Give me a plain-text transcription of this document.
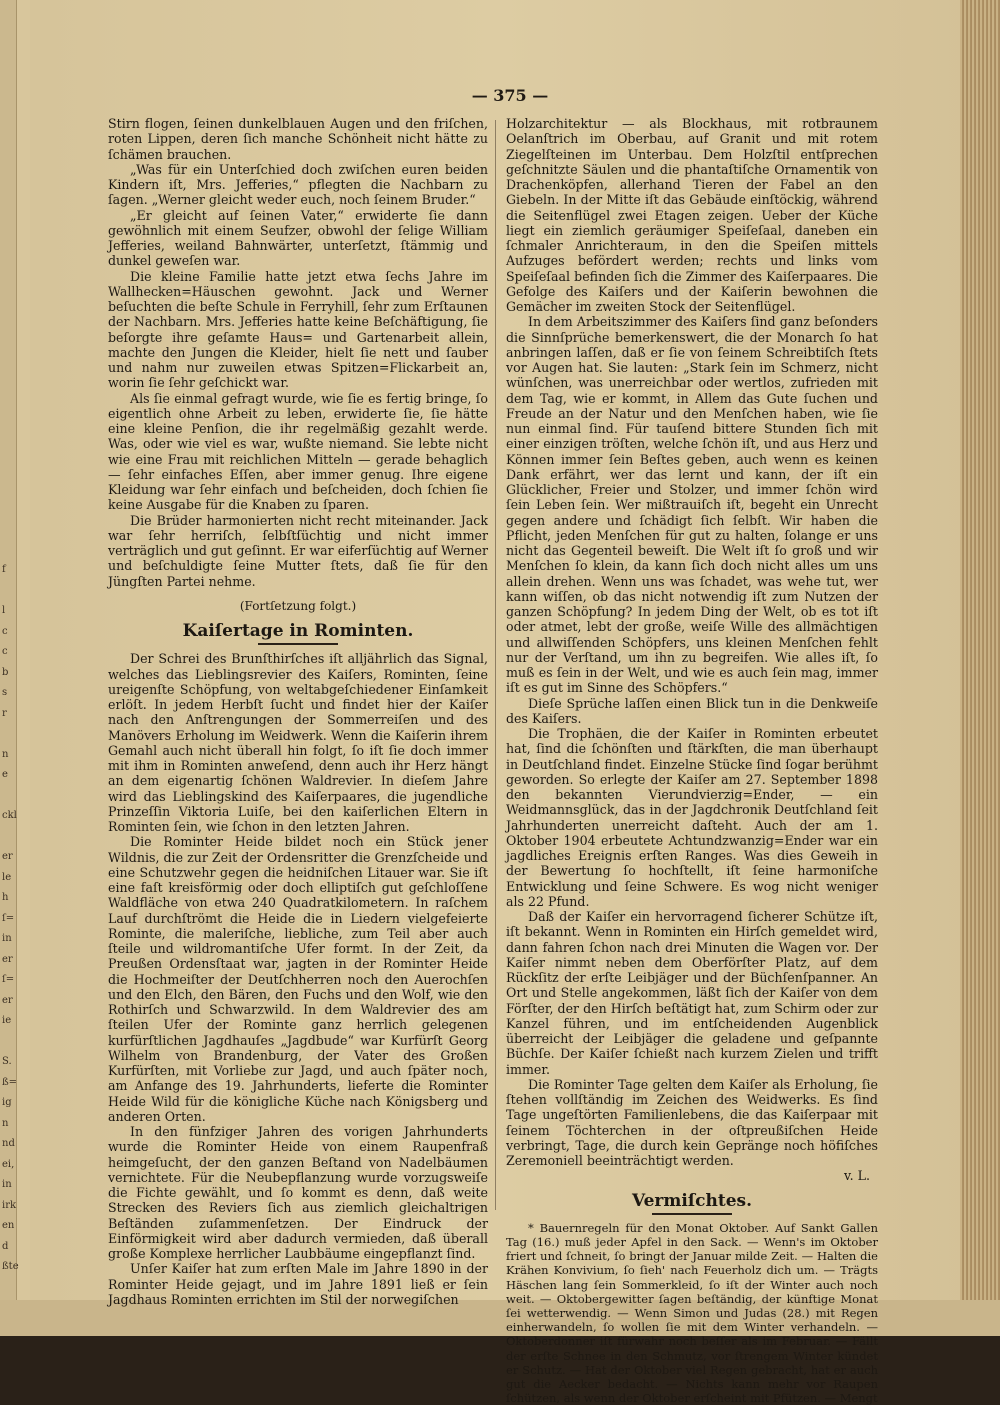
f
l
c
c
b
s
r
n
e
ckl
er
le
h
ſ=
in
er
ſ=
er
ie
S.
ß=
ig
n
nd
ei,
in
irk
en
d
ßte
— 375 —

Stirn flogen, ſeinen dunkelblauen Augen und den friſchen, roten Lippen, deren ſich manche Schönheit nicht hätte zu ſchämen brauchen.

„Was für ein Unterſchied doch zwiſchen euren beiden Kindern iſt, Mrs. Jefferies,“ pflegten die Nachbarn zu ſagen. „Werner gleicht weder euch, noch ſeinem Bruder.“

„Er gleicht auf ſeinen Vater,“ erwiderte ſie dann gewöhnlich mit einem Seufzer, obwohl der ſelige William Jefferies, weiland Bahnwärter, unterſetzt, ſtämmig und dunkel geweſen war.

Die kleine Familie hatte jetzt etwa ſechs Jahre im Wallhecken=Häuschen gewohnt. Jack und Werner beſuchten die beſte Schule in Ferryhill, ſehr zum Erſtaunen der Nachbarn. Mrs. Jefferies hatte keine Beſchäftigung, ſie beſorgte ihre geſamte Haus= und Gartenarbeit allein, machte den Jungen die Kleider, hielt ſie nett und ſauber und nahm nur zuweilen etwas Spitzen=Flickarbeit an, worin ſie ſehr geſchickt war.

Als ſie einmal gefragt wurde, wie ſie es fertig bringe, ſo eigentlich ohne Arbeit zu leben, erwiderte ſie, ſie hätte eine kleine Penſion, die ihr regelmäßig gezahlt werde. Was, oder wie viel es war, wußte niemand. Sie lebte nicht wie eine Frau mit reichlichen Mitteln — gerade behaglich — ſehr einfaches Eſſen, aber immer genug. Ihre eigene Kleidung war ſehr einfach und beſcheiden, doch ſchien ſie keine Ausgabe für die Knaben zu ſparen.

Die Brüder harmonierten nicht recht miteinander. Jack war ſehr herriſch, ſelbſtſüchtig und nicht immer verträglich und gut geſinnt. Er war eiferſüchtig auf Werner und beſchuldigte ſeine Mutter ſtets, daß ſie für den Jüngſten Partei nehme.

(Fortſetzung folgt.)
Kaiſertage in Rominten.

Der Schrei des Brunſthirſches iſt alljährlich das Signal, welches das Lieblingsrevier des Kaiſers, Rominten, ſeine ureigenſte Schöpfung, von weltabgeſchiedener Einſamkeit erlöſt. In jedem Herbſt ſucht und findet hier der Kaiſer nach den Anſtrengungen der Sommerreiſen und des Manövers Erholung im Weidwerk. Wenn die Kaiſerin ihrem Gemahl auch nicht überall hin folgt, ſo iſt ſie doch immer mit ihm in Rominten anweſend, denn auch ihr Herz hängt an dem eigenartig ſchönen Waldrevier. In dieſem Jahre wird das Lieblingskind des Kaiſerpaares, die jugendliche Prinzeſſin Viktoria Luiſe, bei den kaiſerlichen Eltern in Rominten ſein, wie ſchon in den letzten Jahren.

Die Rominter Heide bildet noch ein Stück jener Wildnis, die zur Zeit der Ordensritter die Grenzſcheide und eine Schutzwehr gegen die heidniſchen Litauer war. Sie iſt eine faſt kreisförmig oder doch elliptiſch gut geſchloſſene Waldfläche von etwa 240 Quadratkilometern. In raſchem Lauf durchſtrömt die Heide die in Liedern vielgefeierte Rominte, die maleriſche, liebliche, zum Teil aber auch ſteile und wildromantiſche Ufer formt. In der Zeit, da Preußen Ordensſtaat war, jagten in der Rominter Heide die Hochmeiſter der Deutſchherren noch den Auerochſen und den Elch, den Bären, den Fuchs und den Wolf, wie den Rothirſch und Schwarzwild. In dem Waldrevier des am ſteilen Ufer der Rominte ganz herrlich gelegenen kurfürſtlichen Jagdhauſes „Jagdbude“ war Kurfürſt Georg Wilhelm von Brandenburg, der Vater des Großen Kurfürſten, mit Vorliebe zur Jagd, und auch ſpäter noch, am Anfange des 19. Jahrhunderts, lieferte die Rominter Heide Wild für die königliche Küche nach Königsberg und anderen Orten.

In den fünfziger Jahren des vorigen Jahrhunderts wurde die Rominter Heide von einem Raupenfraß heimgeſucht, der den ganzen Beſtand von Nadelbäumen vernichtete. Für die Neubepflanzung wurde vorzugsweiſe die Fichte gewählt, und ſo kommt es denn, daß weite Strecken des Reviers ſich aus ziemlich gleichaltrigen Beſtänden zuſammenſetzen. Der Eindruck der Einförmigkeit wird aber dadurch vermieden, daß überall große Komplexe herrlicher Laubbäume eingepflanzt ſind.

Unſer Kaiſer hat zum erſten Male im Jahre 1890 in der Rominter Heide gejagt, und im Jahre 1891 ließ er ſein Jagdhaus Rominten errichten im Stil der norwegiſchen

Holzarchitektur — als Blockhaus, mit rotbraunem Oelanſtrich im Oberbau, auf Granit und mit rotem Ziegelſteinen im Unterbau. Dem Holzſtil entſprechen geſchnitzte Säulen und die phantaſtiſche Ornamentik von Drachenköpfen, allerhand Tieren der Fabel an den Giebeln. In der Mitte iſt das Gebäude einſtöckig, während die Seitenflügel zwei Etagen zeigen. Ueber der Küche liegt ein ziemlich geräumiger Speiſeſaal, daneben ein ſchmaler Anrichteraum, in den die Speiſen mittels Aufzuges befördert werden; rechts und links vom Speiſeſaal befinden ſich die Zimmer des Kaiſerpaares. Die Gefolge des Kaiſers und der Kaiſerin bewohnen die Gemächer im zweiten Stock der Seitenflügel.

In dem Arbeitszimmer des Kaiſers ſind ganz beſonders die Sinnſprüche bemerkenswert, die der Monarch ſo hat anbringen laſſen, daß er ſie von ſeinem Schreibtiſch ſtets vor Augen hat. Sie lauten: „Stark ſein im Schmerz, nicht wünſchen, was unerreichbar oder wertlos, zufrieden mit dem Tag, wie er kommt, in Allem das Gute ſuchen und Freude an der Natur und den Menſchen haben, wie ſie nun einmal ſind. Für tauſend bittere Stunden ſich mit einer einzigen tröſten, welche ſchön iſt, und aus Herz und Können immer ſein Beſtes geben, auch wenn es keinen Dank erfährt, wer das lernt und kann, der iſt ein Glücklicher, Freier und Stolzer, und immer ſchön wird ſein Leben ſein. Wer mißtrauiſch iſt, begeht ein Unrecht gegen andere und ſchädigt ſich ſelbſt. Wir haben die Pflicht, jeden Menſchen für gut zu halten, ſolange er uns nicht das Gegenteil beweiſt. Die Welt iſt ſo groß und wir Menſchen ſo klein, da kann ſich doch nicht alles um uns allein drehen. Wenn uns was ſchadet, was wehe tut, wer kann wiſſen, ob das nicht notwendig iſt zum Nutzen der ganzen Schöpfung? In jedem Ding der Welt, ob es tot iſt oder atmet, lebt der große, weiſe Wille des allmächtigen und allwiſſenden Schöpfers, uns kleinen Menſchen fehlt nur der Verſtand, um ihn zu begreifen. Wie alles iſt, ſo muß es ſein in der Welt, und wie es auch ſein mag, immer iſt es gut im Sinne des Schöpfers.“

Dieſe Sprüche laſſen einen Blick tun in die Denkweiſe des Kaiſers.

Die Trophäen, die der Kaiſer in Rominten erbeutet hat, ſind die ſchönſten und ſtärkſten, die man überhaupt in Deutſchland findet. Einzelne Stücke ſind ſogar berühmt geworden. So erlegte der Kaiſer am 27. September 1898 den bekannten Vierundvierzig=Ender, — ein Weidmannsglück, das in der Jagdchronik Deutſchland ſeit Jahrhunderten unerreicht daſteht. Auch der am 1. Oktober 1904 erbeutete Achtundzwanzig=Ender war ein jagdliches Ereignis erſten Ranges. Was dies Geweih in der Bewertung ſo hochſtellt, iſt ſeine harmoniſche Entwicklung und ſeine Schwere. Es wog nicht weniger als 22 Pfund.

Daß der Kaiſer ein hervorragend ſicherer Schütze iſt, iſt bekannt. Wenn in Rominten ein Hirſch gemeldet wird, dann fahren ſchon nach drei Minuten die Wagen vor. Der Kaiſer nimmt neben dem Oberförſter Platz, auf dem Rückſitz der erſte Leibjäger und der Büchſenſpanner. An Ort und Stelle angekommen, läßt ſich der Kaiſer von dem Förſter, der den Hirſch beſtätigt hat, zum Schirm oder zur Kanzel führen, und im entſcheidenden Augenblick überreicht der Leibjäger die geladene und geſpannte Büchſe. Der Kaiſer ſchießt nach kurzem Zielen und trifft immer.

Die Rominter Tage gelten dem Kaiſer als Erholung, ſie ſtehen vollſtändig im Zeichen des Weidwerks. Es ſind Tage ungeſtörten Familienlebens, die das Kaiſerpaar mit ſeinem Töchterchen in der oſtpreußiſchen Heide verbringt, Tage, die durch kein Gepränge noch höfiſches Zeremoniell beeinträchtigt werden.

v. L.
Vermiſchtes.

* Bauernregeln für den Monat Oktober. Auf Sankt Gallen Tag (16.) muß jeder Apfel in den Sack. — Wenn's im Oktober friert und ſchneit, ſo bringt der Januar milde Zeit. — Halten die Krähen Konvivium, ſo ſieh' nach Feuerholz dich um. — Trägts Häschen lang ſein Sommerkleid, ſo iſt der Winter auch noch weit. — Oktobergewitter ſagen beſtändig, der künftige Monat ſei wetterwendig. — Wenn Simon und Judas (28.) mit Regen einherwandeln, ſo wollen ſie mit dem Winter verhandeln. — Oktoberdonner iſt fürwahr noch beſſer als im Februar. — Fällt der erſte Schnee in den Schmutz, vor ſtrengem Winter kündet er Schutz. — Hat der Oktober viel Regen gebracht, hat er auch gut die Aecker bedacht. — Nichts kann mehr vor Raupen ſchützen, als wenn der Oktober erſcheint mit Pfützen. — Mengt
